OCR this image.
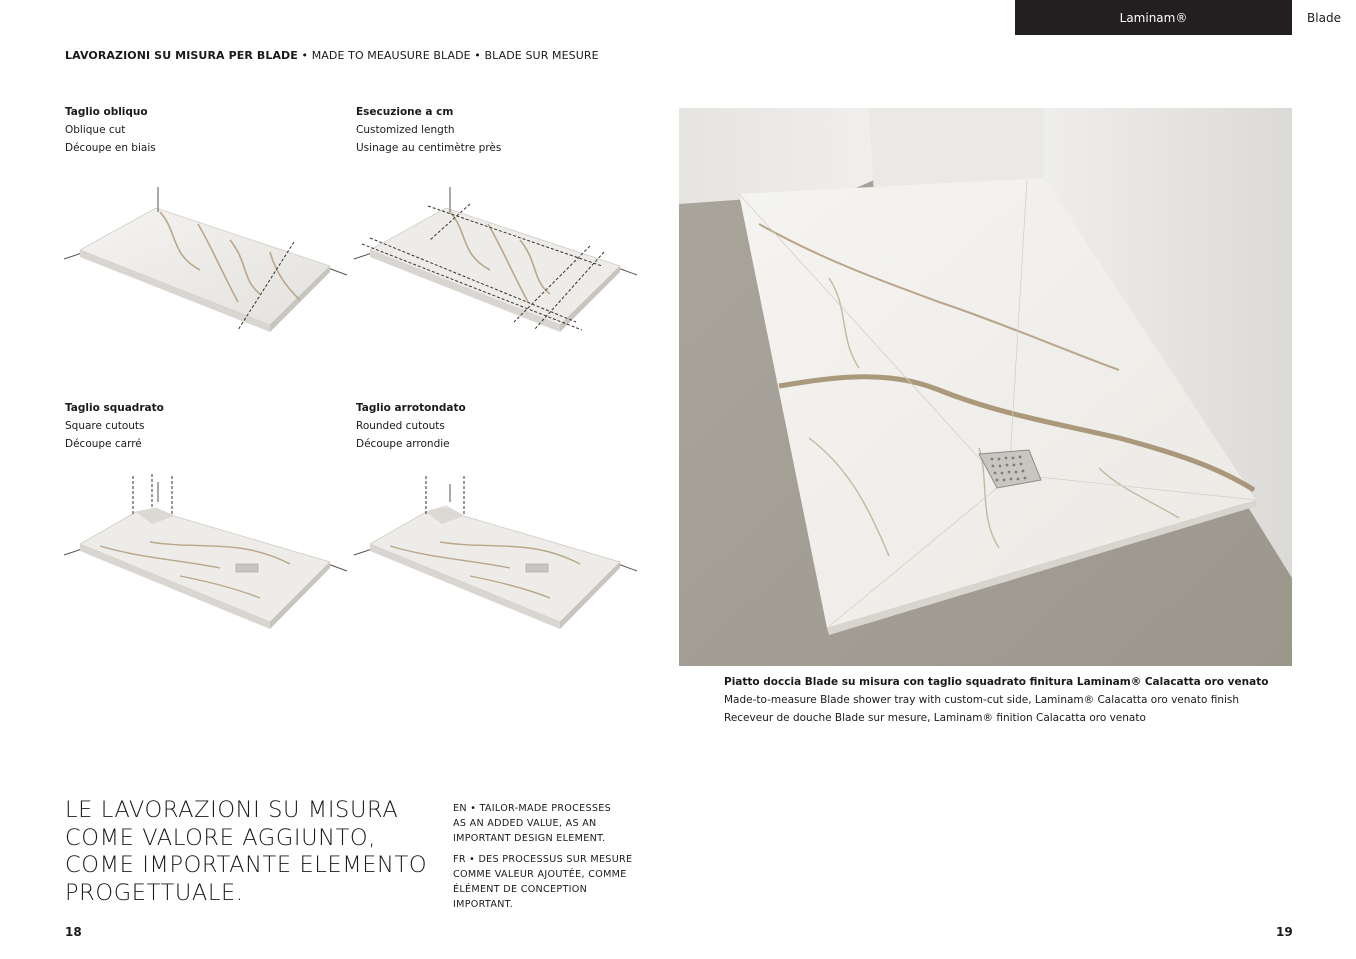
Laminam®	Blade
LAVORAZIONI SU MISURA PER BLADE • MADE TO MEAUSURE BLADE • BLADE SUR MESURE
Taglio obliquo
Oblique cut
Découpe en biais
Esecuzione a cm
Customized length
Usinage au centimètre près
Taglio squadrato
Square cutouts
Découpe carré
Taglio arrotondato
Rounded cutouts
Découpe arrondie
Piatto doccia Blade su misura con taglio squadrato finitura Laminam® Calacatta oro venato
Made-to-measure Blade shower tray with custom-cut side, Laminam® Calacatta oro venato finish
Receveur de douche Blade sur mesure, Laminam® finition Calacatta oro venato
LE LAVORAZIONI SU MISURA
COME VALORE AGGIUNTO,
COME IMPORTANTE ELEMENTO
PROGETTUALE.
EN • TAILOR-MADE PROCESSES
AS AN ADDED VALUE, AS AN
IMPORTANT DESIGN ELEMENT.
FR • DES PROCESSUS SUR MESURE
COMME VALEUR AJOUTÉE, COMME
ÉLÉMENT DE CONCEPTION
IMPORTANT.
18	19
